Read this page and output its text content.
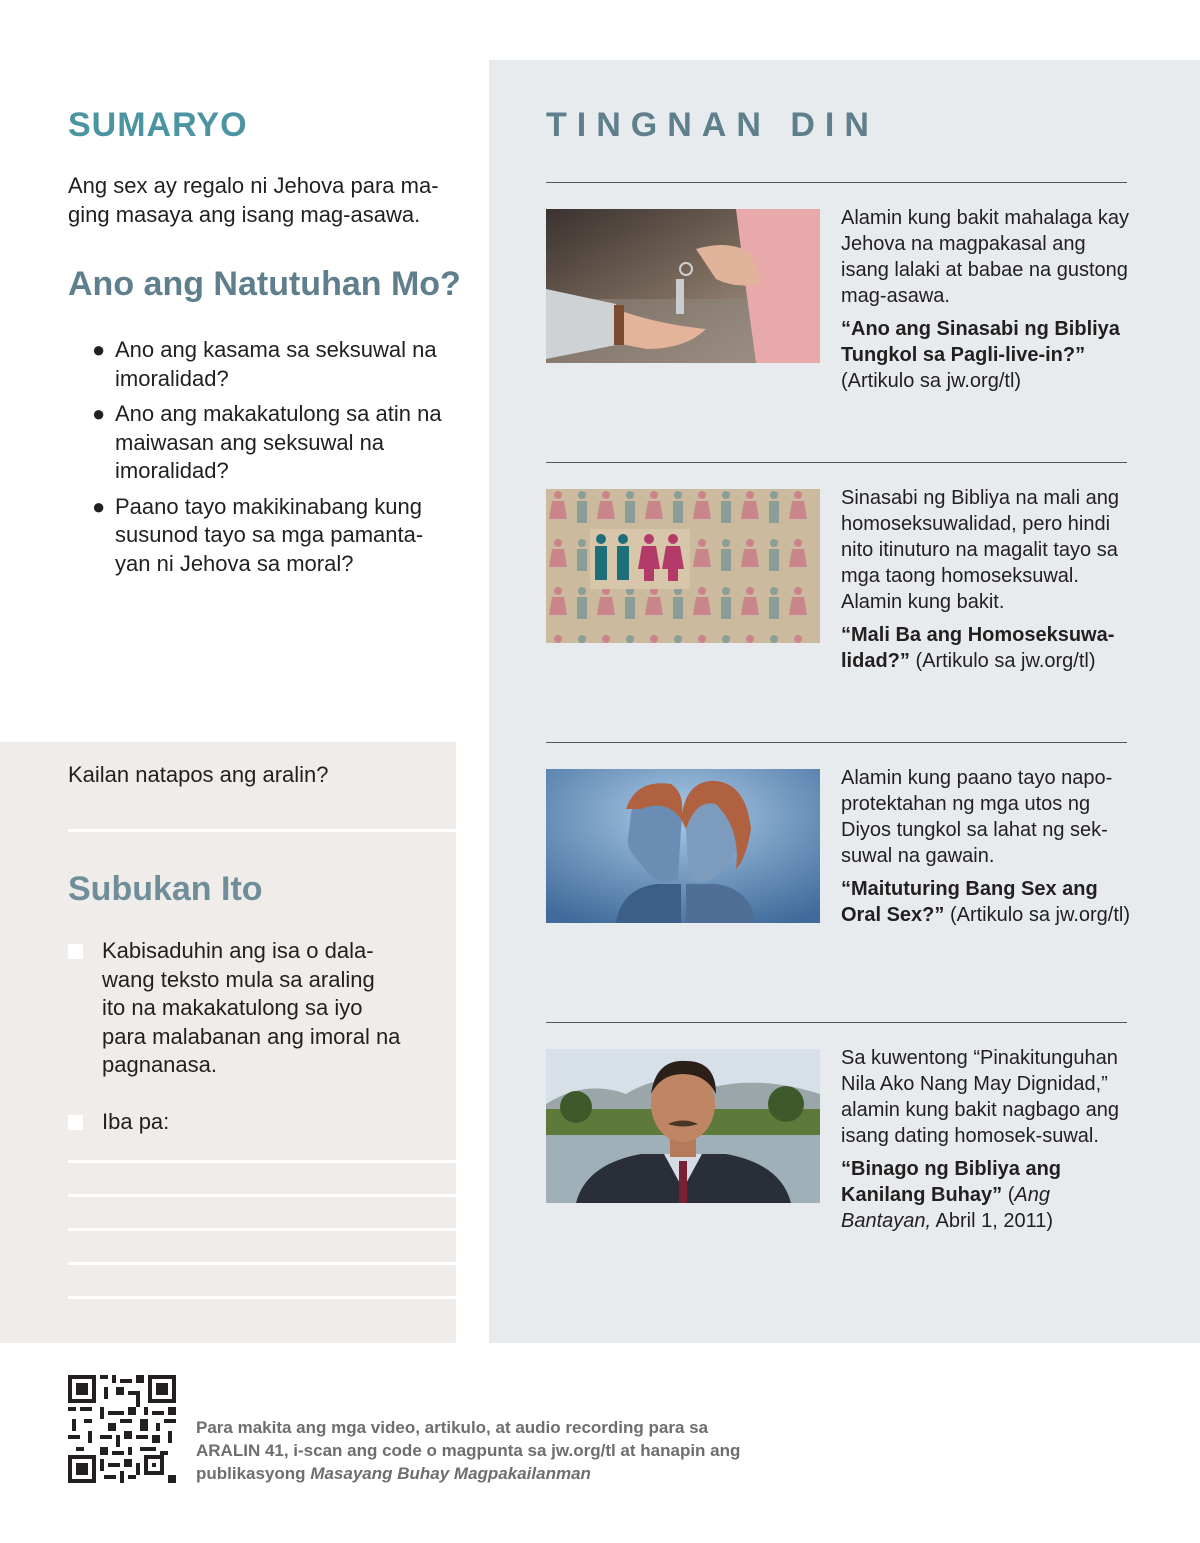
SUMARYO
Ang sex ay regalo ni Jehova para ma-ging masaya ang isang mag-asawa.
Ano ang Natutuhan Mo?
● Ano ang kasama sa seksuwal na imoralidad?
● Ano ang makakatulong sa atin na maiwasan ang seksuwal na imoralidad?
● Paano tayo makikinabang kung susunod tayo sa mga pamanta-yan ni Jehova sa moral?
Kailan natapos ang aralin?
Subukan Ito
Kabisaduhin ang isa o dala-wang teksto mula sa araling ito na makakatulong sa iyo para malabanan ang imoral na pagnanasa.
Iba pa:
TINGNAN DIN
Alamin kung bakit mahalaga kay Jehova na magpakasal ang isang lalaki at babae na gustong mag-asawa.
“Ano ang Sinasabi ng Bibliya Tungkol sa Pagli-live-in?” (Artikulo sa jw.org/tl)
Sinasabi ng Bibliya na mali ang homoseksuwalidad, pero hindi nito itinuturo na magalit tayo sa mga taong homoseksuwal. Alamin kung bakit.
“Mali Ba ang Homoseksuwa-lidad?” (Artikulo sa jw.org/tl)
Alamin kung paano tayo napo-protektahan ng mga utos ng Diyos tungkol sa lahat ng sek-suwal na gawain.
“Maituturing Bang Sex ang Oral Sex?” (Artikulo sa jw.org/tl)
Sa kuwentong “Pinakitunguhan Nila Ako Nang May Dignidad,” alamin kung bakit nagbago ang isang dating homosek-suwal.
“Binago ng Bibliya ang Kanilang Buhay” (Ang Bantayan, Abril 1, 2011)
Para makita ang mga video, artikulo, at audio recording para sa ARALIN 41, i-scan ang code o magpunta sa jw.org/tl at hanapin ang publikasyong Masayang Buhay Magpakailanman
